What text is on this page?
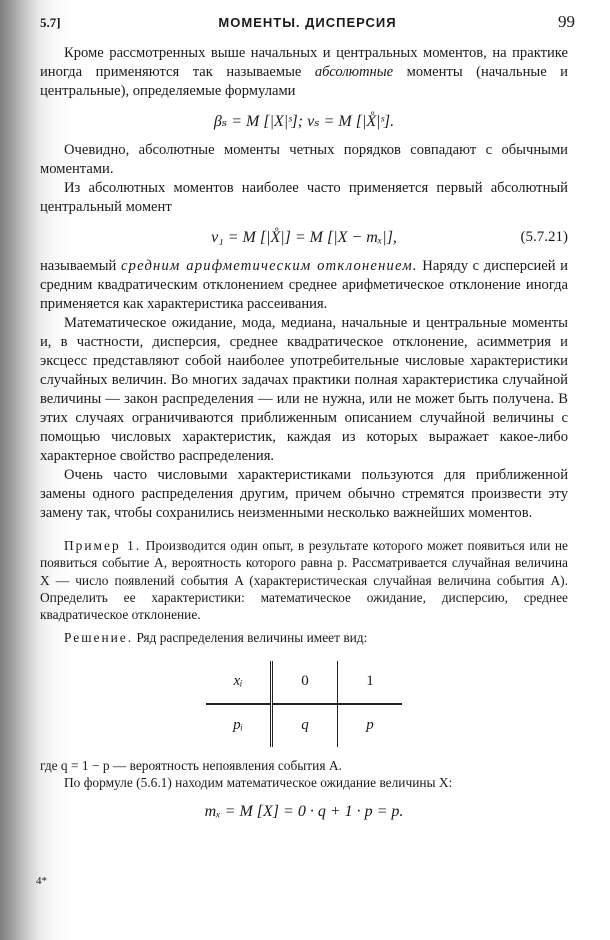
5.7]	МОМЕНТЫ. ДИСПЕРСИЯ	99

Кроме рассмотренных выше начальных и центральных моментов, на практике иногда применяются так называемые абсолютные моменты (начальные и центральные), определяемые формулами

βₛ = M [|X|ˢ]; νₛ = M [|X̊|ˢ].

Очевидно, абсолютные моменты четных порядков совпадают с обычными моментами.

Из абсолютных моментов наиболее часто применяется первый абсолютный центральный момент

ν₁ = M [|X̊|] = M [|X − mₓ|],	(5.7.21)

называемый средним арифметическим отклонением. Наряду с дисперсией и средним квадратическим отклонением среднее арифметическое отклонение иногда применяется как характеристика рассеивания.

Математическое ожидание, мода, медиана, начальные и центральные моменты и, в частности, дисперсия, среднее квадратическое отклонение, асимметрия и эксцесс представляют собой наиболее употребительные числовые характеристики случайных величин. Во многих задачах практики полная характеристика случайной величины — закон распределения — или не нужна, или не может быть получена. В этих случаях ограничиваются приближенным описанием случайной величины с помощью числовых характеристик, каждая из которых выражает какое-либо характерное свойство распределения.

Очень часто числовыми характеристиками пользуются для приближенной замены одного распределения другим, причем обычно стремятся произвести эту замену так, чтобы сохранились неизменными несколько важнейших моментов.

Пример 1. Производится один опыт, в результате которого может появиться или не появиться событие A, вероятность которого равна p. Рассматривается случайная величина X — число появлений события A (характеристическая случайная величина события A). Определить ее характеристики: математическое ожидание, дисперсию, среднее квадратическое отклонение.

Решение. Ряд распределения величины имеет вид:

xᵢ	0	1
pᵢ	q	p

где q = 1 − p — вероятность непоявления события A.

По формуле (5.6.1) находим математическое ожидание величины X:

mₓ = M [X] = 0 · q + 1 · p = p.
4*
